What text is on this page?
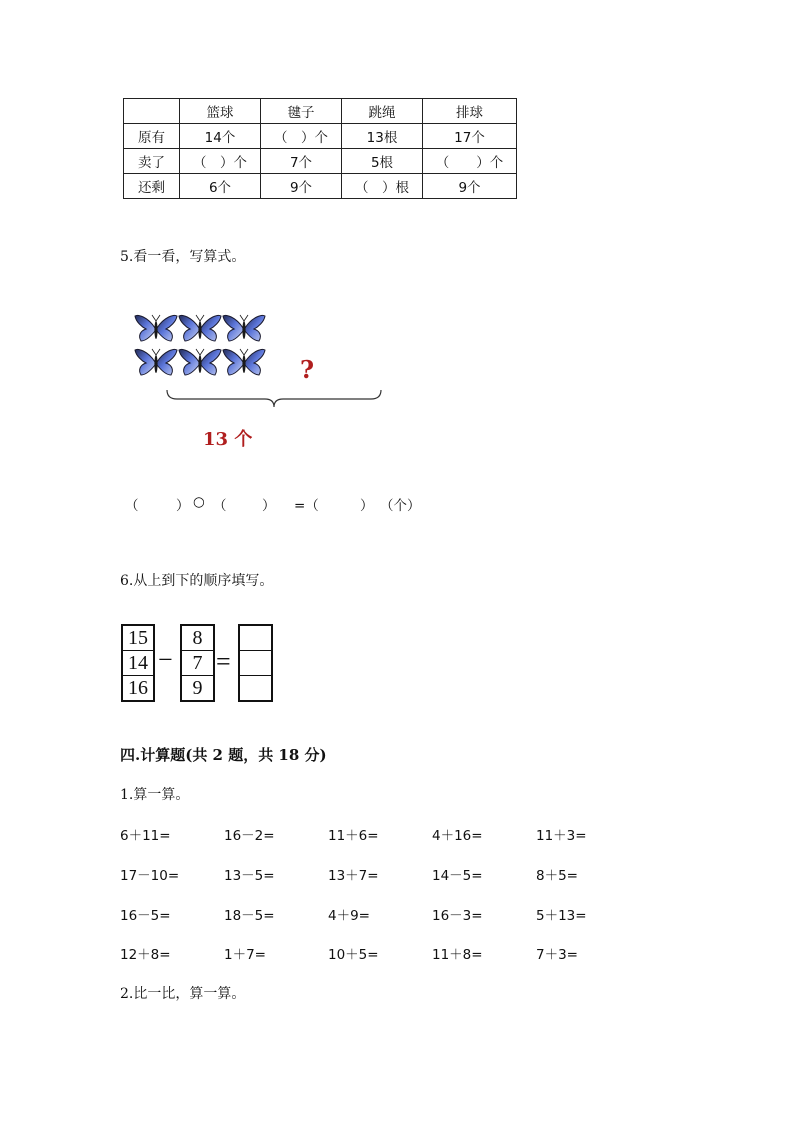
	篮球	毽子	跳绳	排球
原有	14个	（　）个	13根	17个
卖了	（　）个	7个	5根	（　　）个
还剩	6个	9个	（　）根	9个
5.看一看，写算式。
?
13 个
（	） ○ （	） =（	） （个）
6.从上到下的顺序填写。
15
14
16
−
8
7
9
=
四.计算题(共 2 题，共 18 分)
1.算一算。
6＋11=	16－2=	11＋6=	4＋16=	11＋3=
17－10=	13－5=	13＋7=	14－5=	8＋5=
16－5=	18－5=	4＋9=	16－3=	5＋13=
12＋8=	1＋7=	10＋5=	11＋8=	7＋3=
2.比一比，算一算。
